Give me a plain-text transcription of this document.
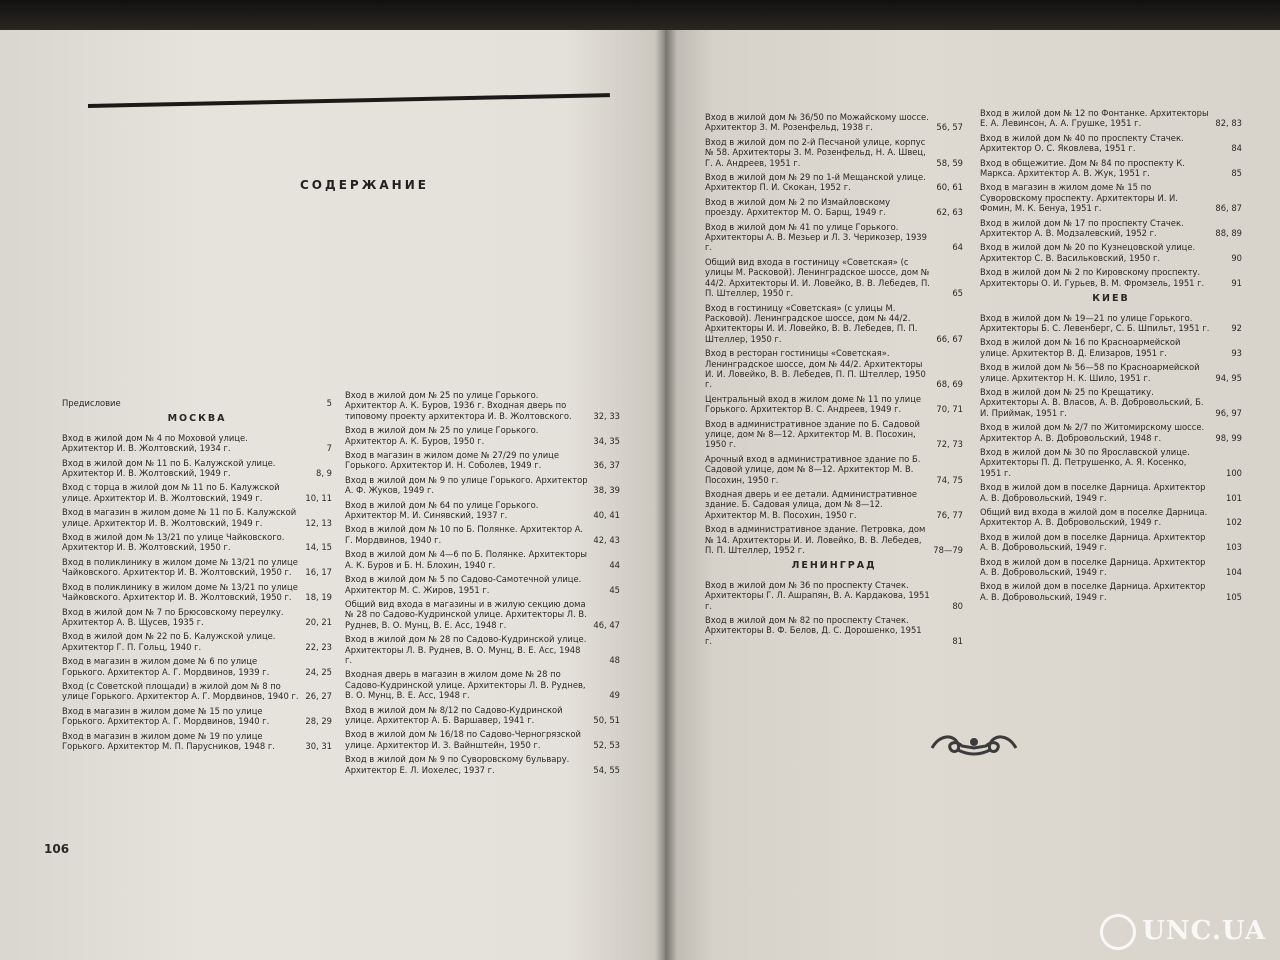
СОДЕРЖАНИЕ
Предисловие	5
МОСКВА
Вход в жилой дом № 4 по Моховой улице. Архитектор И. В. Жолтовский, 1934 г.	7
Вход в жилой дом № 11 по Б. Калужской улице. Архитектор И. В. Жолтовский, 1949 г.	8, 9
Вход с торца в жилой дом № 11 по Б. Калужской улице. Архитектор И. В. Жолтовский, 1949 г.	10, 11
Вход в магазин в жилом доме № 11 по Б. Калужской улице. Архитектор И. В. Жолтовский, 1949 г.	12, 13
Вход в жилой дом № 13/21 по улице Чайковского. Архитектор И. В. Жолтовский, 1950 г.	14, 15
Вход в поликлинику в жилом доме № 13/21 по улице Чайковского. Архитектор И. В. Жолтовский, 1950 г.	16, 17
Вход в поликлинику в жилом доме № 13/21 по улице Чайковского. Архитектор И. В. Жолтовский, 1950 г.	18, 19
Вход в жилой дом № 7 по Брюсовскому переулку. Архитектор А. В. Щусев, 1935 г.	20, 21
Вход в жилой дом № 22 по Б. Калужской улице. Архитектор Г. П. Гольц, 1940 г.	22, 23
Вход в магазин в жилом доме № 6 по улице Горького. Архитектор А. Г. Мордвинов, 1939 г.	24, 25
Вход (с Советской площади) в жилой дом № 8 по улице Горького. Архитектор А. Г. Мордвинов, 1940 г. 26, 27
Вход в магазин в жилом доме № 15 по улице Горького. Архитектор А. Г. Мордвинов, 1940 г.	28, 29
Вход в магазин в жилом доме № 19 по улице Горького. Архитектор М. П. Парусников, 1948 г.	30, 31
Вход в жилой дом № 25 по улице Горького. Архитектор А. К. Буров, 1936 г. Входная дверь по типовому проекту архитектора И. В. Жолтовского.	32, 33
Вход в жилой дом № 25 по улице Горького. Архитектор А. К. Буров, 1950 г.	34, 35
Вход в магазин в жилом доме № 27/29 по улице Горького. Архитектор И. Н. Соболев, 1949 г.	36, 37
Вход в жилой дом № 9 по улице Горького. Архитектор А. Ф. Жуков, 1949 г.	38, 39
Вход в жилой дом № 64 по улице Горького. Архитектор М. И. Синявский, 1937 г.	40, 41
Вход в жилой дом № 10 по Б. Полянке. Архитектор А. Г. Мордвинов, 1940 г.	42, 43
Вход в жилой дом № 4—6 по Б. Полянке. Архитекторы А. К. Буров и Б. Н. Блохин, 1940 г.	44
Вход в жилой дом № 5 по Садово-Самотечной улице. Архитектор М. С. Жиров, 1951 г.	45
Общий вид входа в магазины и в жилую секцию дома № 28 по Садово-Кудринской улице. Архитекторы Л. В. Руднев, В. О. Мунц, В. Е. Асс, 1948 г.	46, 47
Вход в жилой дом № 28 по Садово-Кудринской улице. Архитекторы Л. В. Руднев, В. О. Мунц, В. Е. Асс, 1948 г.	48
Входная дверь в магазин в жилом доме № 28 по Садово-Кудринской улице. Архитекторы Л. В. Руднев, В. О. Мунц, В. Е. Асс, 1948 г.	49
Вход в жилой дом № 8/12 по Садово-Кудринской улице. Архитектор А. Б. Варшавер, 1941 г.	50, 51
Вход в жилой дом № 16/18 по Садово-Черногрязской улице. Архитектор И. З. Вайнштейн, 1950 г.	52, 53
Вход в жилой дом № 9 по Суворовскому бульвару. Архитектор Е. Л. Иохелес, 1937 г.	54, 55
Вход в жилой дом № 36/50 по Можайскому шоссе. Архитектор З. М. Розенфельд, 1938 г.	56, 57
Вход в жилой дом по 2-й Песчаной улице, корпус № 58. Архитекторы З. М. Розенфельд, Н. А. Швец, Г. А. Андреев, 1951 г.	58, 59
Вход в жилой дом № 29 по 1-й Мещанской улице. Архитектор П. И. Скокан, 1952 г.	60, 61
Вход в жилой дом № 2 по Измайловскому проезду. Архитектор М. О. Барщ, 1949 г.	62, 63
Вход в жилой дом № 41 по улице Горького. Архитекторы А. В. Мезьер и Л. З. Черикозер, 1939 г.	64
Общий вид входа в гостиницу «Советская» (с улицы М. Расковой). Ленинградское шоссе, дом № 44/2. Архитекторы И. И. Ловейко, В. В. Лебедев, П. П. Штеллер, 1950 г.	65
Вход в гостиницу «Советская» (с улицы М. Расковой). Ленинградское шоссе, дом № 44/2. Архитекторы И. И. Ловейко, В. В. Лебедев, П. П. Штеллер, 1950 г.	66, 67
Вход в ресторан гостиницы «Советская». Ленинградское шоссе, дом № 44/2. Архитекторы И. И. Ловейко, В. В. Лебедев, П. П. Штеллер, 1950 г.	68, 69
Центральный вход в жилом доме № 11 по улице Горького. Архитектор В. С. Андреев, 1949 г.	70, 71
Вход в административное здание по Б. Садовой улице, дом № 8—12. Архитектор М. В. Посохин, 1950 г.	72, 73
Арочный вход в административное здание по Б. Садовой улице, дом № 8—12. Архитектор М. В. Посохин, 1950 г.	74, 75
Входная дверь и ее детали. Административное здание. Б. Садовая улица, дом № 8—12. Архитектор М. В. Посохин, 1950 г.	76, 77
Вход в административное здание. Петровка, дом № 14. Архитекторы И. И. Ловейко, В. В. Лебедев, П. П. Штеллер, 1952 г.	78—79
ЛЕНИНГРАД
Вход в жилой дом № 36 по проспекту Стачек. Архитекторы Г. Л. Ашрапян, В. А. Кардакова, 1951 г.	80
Вход в жилой дом № 82 по проспекту Стачек. Архитекторы В. Ф. Белов, Д. С. Дорошенко, 1951 г.	81
Вход в жилой дом № 12 по Фонтанке. Архитекторы Е. А. Левинсон, А. А. Грушке, 1951 г.	82, 83
Вход в жилой дом № 40 по проспекту Стачек. Архитектор О. С. Яковлева, 1951 г.	84
Вход в общежитие. Дом № 84 по проспекту К. Маркса. Архитектор А. В. Жук, 1951 г.	85
Вход в магазин в жилом доме № 15 по Суворовскому проспекту. Архитекторы И. И. Фомин, М. К. Бенуа, 1951 г.	86, 87
Вход в жилой дом № 17 по проспекту Стачек. Архитектор А. В. Модзалевский, 1952 г.	88, 89
Вход в жилой дом № 20 по Кузнецовской улице. Архитектор С. В. Васильковский, 1950 г.	90
Вход в жилой дом № 2 по Кировскому проспекту. Архитекторы О. И. Гурьев, В. М. Фромзель, 1951 г.	91
КИЕВ
Вход в жилой дом № 19—21 по улице Горького. Архитекторы Б. С. Левенберг, С. Б. Шпильт, 1951 г.	92
Вход в жилой дом № 16 по Красноармейской улице. Архитектор В. Д. Елизаров, 1951 г.	93
Вход в жилой дом № 56—58 по Красноармейской улице. Архитектор Н. К. Шило, 1951 г.	94, 95
Вход в жилой дом № 25 по Крещатику. Архитекторы А. В. Власов, А. В. Добровольский, Б. И. Приймак, 1951 г.	96, 97
Вход в жилой дом № 2/7 по Житомирскому шоссе. Архитектор А. В. Добровольский, 1948 г.	98, 99
Вход в жилой дом № 30 по Ярославской улице. Архитекторы П. Д. Петрушенко, А. Я. Косенко, 1951 г.	100
Вход в жилой дом в поселке Дарница. Архитектор А. В. Добровольский, 1949 г.	101
Общий вид входа в жилой дом в поселке Дарница. Архитектор А. В. Добровольский, 1949 г.	102
Вход в жилой дом в поселке Дарница. Архитектор А. В. Добровольский, 1949 г.	103
Вход в жилой дом в поселке Дарница. Архитектор А. В. Добровольский, 1949 г.	104
Вход в жилой дом в поселке Дарница. Архитектор А. В. Добровольский, 1949 г.	105
106
UNC.UA
